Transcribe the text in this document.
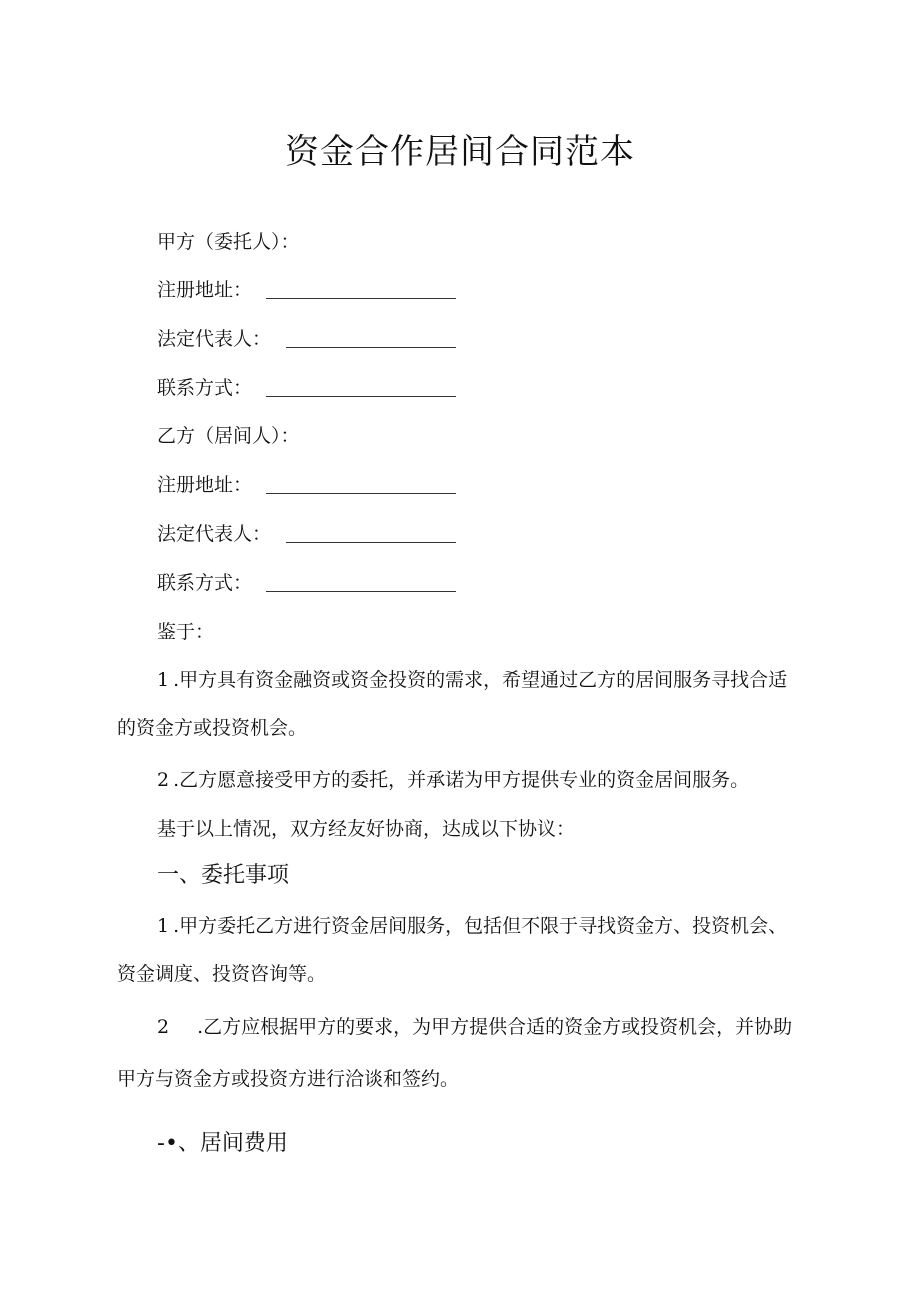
资金合作居间合同范本
甲方（委托人）：
注册地址：
法定代表人：
联系方式：
乙方（居间人）：
注册地址：
法定代表人：
联系方式：
鉴于：

1.甲方具有资金融资或资金投资的需求，希望通过乙方的居间服务寻找合适的资金方或投资机会。

2.乙方愿意接受甲方的委托，并承诺为甲方提供专业的资金居间服务。

基于以上情况，双方经友好协商，达成以下协议：
一、委托事项

1.甲方委托乙方进行资金居间服务，包括但不限于寻找资金方、投资机会、资金调度、投资咨询等。

2.乙方应根据甲方的要求，为甲方提供合适的资金方或投资机会，并协助甲方与资金方或投资方进行洽谈和签约。

-•、居间费用
